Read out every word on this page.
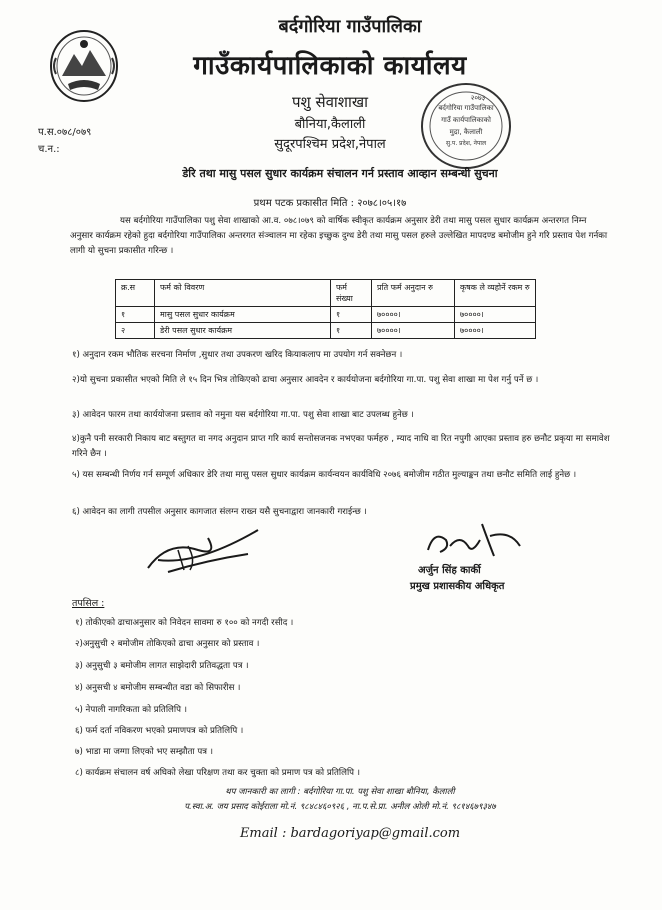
बर्दगोरिया गाउँपालिका
गाउँकार्यपालिकाको कार्यालय
पशु सेवाशाखा
बौनिया,कैलाली
सुदूरपश्चिम प्रदेश,नेपाल
प.स.०७८/०७९
च.न.:
बर्दगोरिया गाउँपालिका
गाउँ कार्यपालिकाको
मुद्रा, कैलाली
सु.प. प्रदेश, नेपाल
२०७३
डेरि तथा मासु पसल सुधार कार्यक्रम संचालन गर्न प्रस्ताव आव्हान सम्बन्धी सुचना
प्रथम पटक प्रकासीत मिति : २०७८।०५।१७
यस बर्दगोरिया गाउँपालिका पशु सेवा शाखाको आ.व. ०७८।०७९ को वार्षिक स्वीकृत कार्यक्रम अनुसार डेरी तथा मासु पसल सुधार कार्यक्रम अन्तरगत निम्न अनुसार कार्यक्रम रहेको हुदा बर्दगोरिया गाउँपालिका अन्तरगत संञ्चालन मा रहेका इच्छुक दुग्ध डेरी तथा मासु पसल हरुले उल्लेखित मापदण्ड बमोजीम हुने गरि प्रस्ताव पेश गर्नका लागी यो सुचना प्रकासीत गरिन्छ ।
क्र.स	फर्म को विवरण	फर्म संख्या	प्रति फर्म अनुदान रु	कृषक ले व्यहोर्ने रकम रु
१	मासु पसल सुधार कार्यक्रम	१	७००००।	७००००।
२	डेरी पसल सुधार कार्यक्रम	१	७००००।	७००००।
१) अनुदान रकम भौतिक सरचना निर्माण ,सुधार तथा उपकरण खरिद कियाकलाप मा उपयोग गर्न सक्नेछन ।
२)यो सुचना प्रकासीत भएको मिति ले १५ दिन भित्र तोकिएको ढाचा अनुसार आवदेन र कार्ययोजना बर्दगोरिया गा.पा. पशु सेवा शाखा मा पेश गर्नु पर्ने छ ।
३) आवेदन फारम तथा कार्ययोजना प्रस्ताव को नमुना यस बर्दगोरिया गा.पा. पशु सेवा शाखा बाट उपलब्ध हुनेछ ।
४)कुनै पनी सरकारी निकाय बाट बस्तुगत वा नगद अनुदान प्राप्त गरि कार्य सन्तोसजनक नभएका फर्महरु , म्याद नाधि वा रित नपुगी आएका प्रस्ताव हरु छनौट प्रकृया मा समावेश गरिने छैन ।
५) यस सम्बन्धी निर्णय गर्न सम्पूर्ण अधिकार डेरि तथा मासु पसल सुधार कार्यक्रम कार्यन्वयन कार्यविधि २०७६ बमोजीम गठीत मुल्याङ्कन तथा छनौट समिति लाई हुनेछ ।
६) आवेदन का लागी तपसील अनुसार कागजात संलग्न राख्न यसै सुचनाद्वारा जानकारी गराईन्छ ।
अर्जुन सिंह कार्की
प्रमुख प्रशासकीय अधिकृत
तपसिल :
१) तोकीएको ढाचाअनुसार को निवेदन सावमा रु १०० को नगदी रसीद ।
२)अनुसुची २ बमोजीम तोकिएको ढाचा अनुसार को प्रस्ताव ।
३) अनुसुची ३ बमोजीम लागत साझेदारी प्रतिवद्धता पत्र ।
४) अनुसची ४ बमोजीम सम्बन्धीत वडा को सिफारीस ।
५) नेपाली नागरिकता को प्रतिलिपि ।
६) फर्म दर्ता नविकरण भएको प्रमाणपत्र को प्रतिलिपि ।
७) भाडा मा जग्गा लिएको भए सम्झौता पत्र ।
८) कार्यक्रम संचालन वर्ष अघिको लेखा परिक्षण तथा कर चुक्ता को प्रमाण पत्र को प्रतिलिपि ।
थप जानकारी का लागी : बर्दगोरिया गा.पा. पशु सेवा शाखा बौनिया, कैलाली
प.स्वा.अ. जय प्रसाद कोईराला मो.नं. ९८४८४६०९२६ , ना.प.से.प्रा. अनील ओली मो.नं. ९८१४६७९३४७
Email : bardagoriyap@gmail.com
